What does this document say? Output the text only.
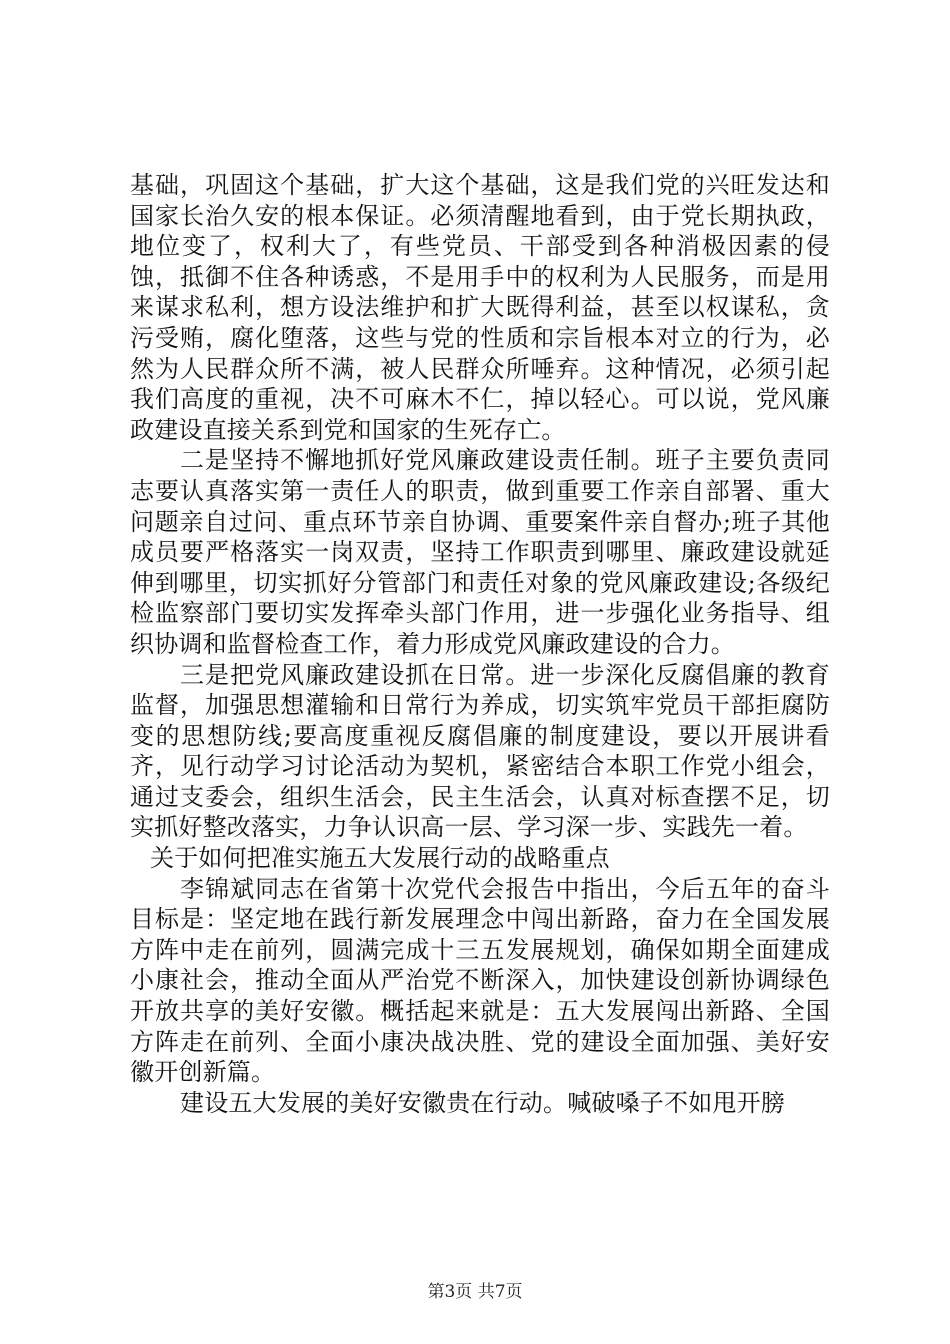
基础，巩固这个基础，扩大这个基础，这是我们党的兴旺发达和国家长治久安的根本保证。必须清醒地看到，由于党长期执政，地位变了，权利大了，有些党员、干部受到各种消极因素的侵蚀，抵御不住各种诱惑，不是用手中的权利为人民服务，而是用来谋求私利，想方设法维护和扩大既得利益，甚至以权谋私，贪污受贿，腐化堕落，这些与党的性质和宗旨根本对立的行为，必然为人民群众所不满，被人民群众所唾弃。这种情况，必须引起我们高度的重视，决不可麻木不仁，掉以轻心。可以说，党风廉政建设直接关系到党和国家的生死存亡。

二是坚持不懈地抓好党风廉政建设责任制。班子主要负责同志要认真落实第一责任人的职责，做到重要工作亲自部署、重大问题亲自过问、重点环节亲自协调、重要案件亲自督办;班子其他成员要严格落实一岗双责，坚持工作职责到哪里、廉政建设就延伸到哪里，切实抓好分管部门和责任对象的党风廉政建设;各级纪检监察部门要切实发挥牵头部门作用，进一步强化业务指导、组织协调和监督检查工作，着力形成党风廉政建设的合力。

三是把党风廉政建设抓在日常。进一步深化反腐倡廉的教育监督，加强思想灌输和日常行为养成，切实筑牢党员干部拒腐防变的思想防线;要高度重视反腐倡廉的制度建设，要以开展讲看齐，见行动学习讨论活动为契机，紧密结合本职工作党小组会，通过支委会，组织生活会，民主生活会，认真对标查摆不足，切实抓好整改落实，力争认识高一层、学习深一步、实践先一着。

关于如何把准实施五大发展行动的战略重点

李锦斌同志在省第十次党代会报告中指出，今后五年的奋斗目标是：坚定地在践行新发展理念中闯出新路，奋力在全国发展方阵中走在前列，圆满完成十三五发展规划，确保如期全面建成小康社会，推动全面从严治党不断深入，加快建设创新协调绿色开放共享的美好安徽。概括起来就是：五大发展闯出新路、全国方阵走在前列、全面小康决战决胜、党的建设全面加强、美好安徽开创新篇。

建设五大发展的美好安徽贵在行动。喊破嗓子不如甩开膀

第3页 共7页
